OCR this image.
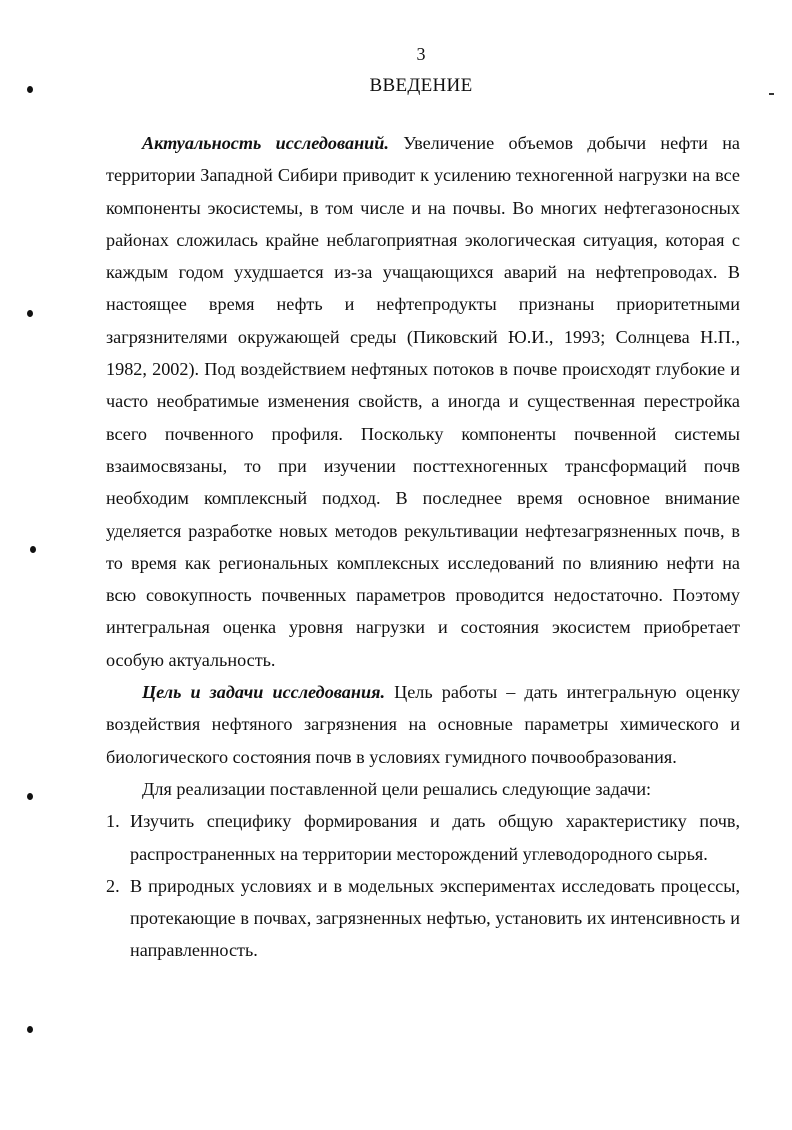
3
ВВЕДЕНИЕ

Актуальность исследований. Увеличение объемов добычи нефти на территории Западной Сибири приводит к усилению техногенной нагрузки на все компоненты экосистемы, в том числе и на почвы. Во многих нефтегазоносных районах сложилась крайне неблагоприятная экологическая ситуация, которая с каждым годом ухудшается из-за учащающихся аварий на нефтепроводах. В настоящее время нефть и нефтепродукты признаны приоритетными загрязнителями окружающей среды (Пиковский Ю.И., 1993; Солнцева Н.П., 1982, 2002). Под воздействием нефтяных потоков в почве происходят глубокие и часто необратимые изменения свойств, а иногда и существенная перестройка всего почвенного профиля. Поскольку компоненты почвенной системы взаимосвязаны, то при изучении посттехногенных трансформаций почв необходим комплексный подход. В последнее время основное внимание уделяется разработке новых методов рекультивации нефтезагрязненных почв, в то время как региональных комплексных исследований по влиянию нефти на всю совокупность почвенных параметров проводится недостаточно. Поэтому интегральная оценка уровня нагрузки и состояния экосистем приобретает особую актуальность.

Цель и задачи исследования. Цель работы – дать интегральную оценку воздействия нефтяного загрязнения на основные параметры химического и биологического состояния почв в условиях гумидного почвообразования.

Для реализации поставленной цели решались следующие задачи:

1. Изучить специфику формирования и дать общую характеристику почв, распространенных на территории месторождений углеводородного сырья.
2. В природных условиях и в модельных экспериментах исследовать процессы, протекающие в почвах, загрязненных нефтью, установить их интенсивность и направленность.
